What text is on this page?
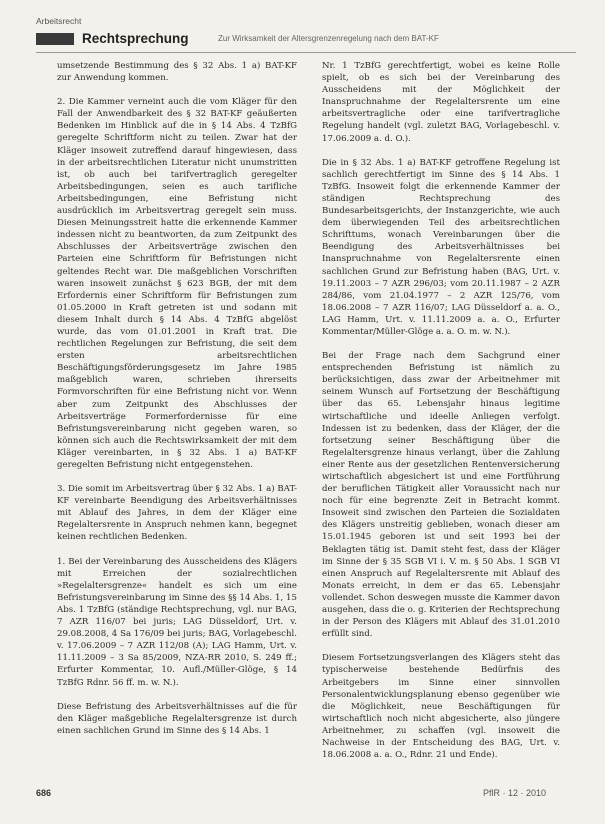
Arbeitsrecht
Rechtsprechung	Zur Wirksamkeit der Altersgrenzenregelung nach dem BAT-KF

umsetzende Bestimmung des § 32 Abs. 1 a) BAT-KF zur Anwendung kommen.

2. Die Kammer verneint auch die vom Kläger für den Fall der Anwendbarkeit des § 32 BAT-KF geäußerten Bedenken im Hinblick auf die in § 14 Abs. 4 TzBfG geregelte Schriftform nicht zu teilen. Zwar hat der Kläger insoweit zutreffend darauf hingewiesen, dass in der arbeitsrechtlichen Literatur nicht unumstritten ist, ob auch bei tarifvertraglich geregelter Arbeitsbedingungen, seien es auch tarifliche Arbeitsbedingungen, eine Befristung nicht ausdrücklich im Arbeitsvertrag geregelt sein muss. Diesen Meinungsstreit hatte die erkennende Kammer indessen nicht zu beantworten, da zum Zeitpunkt des Abschlusses der Arbeitsverträge zwischen den Parteien eine Schriftform für Befristungen nicht geltendes Recht war. Die maßgeblichen Vorschriften waren insoweit zunächst § 623 BGB, der mit dem Erfordernis einer Schriftform für Befristungen zum 01.05.2000 in Kraft getreten ist und sodann mit diesem Inhalt durch § 14 Abs. 4 TzBfG abgelöst wurde, das vom 01.01.2001 in Kraft trat. Die rechtlichen Regelungen zur Befristung, die seit dem ersten arbeitsrechtlichen Beschäftigungsförderungsgesetz im Jahre 1985 maßgeblich waren, schrieben ihrerseits Formvorschriften für eine Befristung nicht vor. Wenn aber zum Zeitpunkt des Abschlusses der Arbeitsverträge Formerfordernisse für eine Befristungsvereinbarung nicht gegeben waren, so können sich auch die Rechtswirksamkeit der mit dem Kläger vereinbarten, in § 32 Abs. 1 a) BAT-KF geregelten Befristung nicht entgegenstehen.

3. Die somit im Arbeitsvertrag über § 32 Abs. 1 a) BAT-KF vereinbarte Beendigung des Arbeitsverhältnisses mit Ablauf des Jahres, in dem der Kläger eine Regelaltersrente in Anspruch nehmen kann, begegnet keinen rechtlichen Bedenken.

1. Bei der Vereinbarung des Ausscheidens des Klägers mit Erreichen der sozialrechtlichen »Regelaltersgrenze« handelt es sich um eine Befristungsvereinbarung im Sinne des §§ 14 Abs. 1, 15 Abs. 1 TzBfG (ständige Rechtsprechung, vgl. nur BAG, 7 AZR 116/07 bei juris; LAG Düsseldorf, Urt. v. 29.08.2008, 4 Sa 176/09 bei juris; BAG, Vorlagebeschl. v. 17.06.2009 – 7 AZR 112/08 (A); LAG Hamm, Urt. v. 11.11.2009 – 3 Sa 85/2009, NZA-RR 2010, S. 249 ff.; Erfurter Kommentar, 10. Aufl./Müller-Glöge, § 14 TzBfG Rdnr. 56 ff. m. w. N.).

Diese Befristung des Arbeitsverhältnisses auf die für den Kläger maßgebliche Regelaltersgrenze ist durch einen sachlichen Grund im Sinne des § 14 Abs. 1

Nr. 1 TzBfG gerechtfertigt, wobei es keine Rolle spielt, ob es sich bei der Vereinbarung des Ausscheidens mit der Möglichkeit der Inanspruchnahme der Regelaltersrente um eine arbeitsvertragliche oder eine tarifvertragliche Regelung handelt (vgl. zuletzt BAG, Vorlagebeschl. v. 17.06.2009 a. d. O.).

Die in § 32 Abs. 1 a) BAT-KF getroffene Regelung ist sachlich gerechtfertigt im Sinne des § 14 Abs. 1 TzBfG. Insoweit folgt die erkennende Kammer der ständigen Rechtsprechung des Bundesarbeitsgerichts, der Instanzgerichte, wie auch dem überwiegenden Teil des arbeitsrechtlichen Schrifttums, wonach Vereinbarungen über die Beendigung des Arbeitsverhältnisses bei Inanspruchnahme von Regelaltersrente einen sachlichen Grund zur Befristung haben (BAG, Urt. v. 19.11.2003 – 7 AZR 296/03; vom 20.11.1987 – 2 AZR 284/86, vom 21.04.1977 – 2 AZR 125/76, vom 18.06.2008 – 7 AZR 116/07; LAG Düsseldorf a. a. O., LAG Hamm, Urt. v. 11.11.2009 a. a. O., Erfurter Kommentar/Müller-Glöge a. a. O. m. w. N.).

Bei der Frage nach dem Sachgrund einer entsprechenden Befristung ist nämlich zu berücksichtigen, dass zwar der Arbeitnehmer mit seinem Wunsch auf Fortsetzung der Beschäftigung über das 65. Lebensjahr hinaus legitime wirtschaftliche und ideelle Anliegen verfolgt. Indessen ist zu bedenken, dass der Kläger, der die fortsetzung seiner Beschäftigung über die Regelaltersgrenze hinaus verlangt, über die Zahlung einer Rente aus der gesetzlichen Rentenversicherung wirtschaftlich abgesichert ist und eine Fortführung der beruflichen Tätigkeit aller Voraussicht nach nur noch für eine begrenzte Zeit in Betracht kommt. Insoweit sind zwischen den Parteien die Sozialdaten des Klägers unstreitig geblieben, wonach dieser am 15.01.1945 geboren ist und seit 1993 bei der Beklagten tätig ist. Damit steht fest, dass der Kläger im Sinne der § 35 SGB VI i. V. m. § 50 Abs. 1 SGB VI einen Anspruch auf Regelaltersrente mit Ablauf des Monats erreicht, in dem er das 65. Lebensjahr vollendet. Schon deswegen musste die Kammer davon ausgehen, dass die o. g. Kriterien der Rechtsprechung in der Person des Klägers mit Ablauf des 31.01.2010 erfüllt sind.

Diesem Fortsetzungsverlangen des Klägers steht das typischerweise bestehende Bedürfnis des Arbeitgebers im Sinne einer sinnvollen Personalentwicklungsplanung ebenso gegenüber wie die Möglichkeit, neue Beschäftigungen für wirtschaftlich noch nicht abgesicherte, also jüngere Arbeitnehmer, zu schaffen (vgl. insoweit die Nachweise in der Entscheidung des BAG, Urt. v. 18.06.2008 a. a. O., Rdnr. 21 und Ende).

686	PflR · 12 · 2010
